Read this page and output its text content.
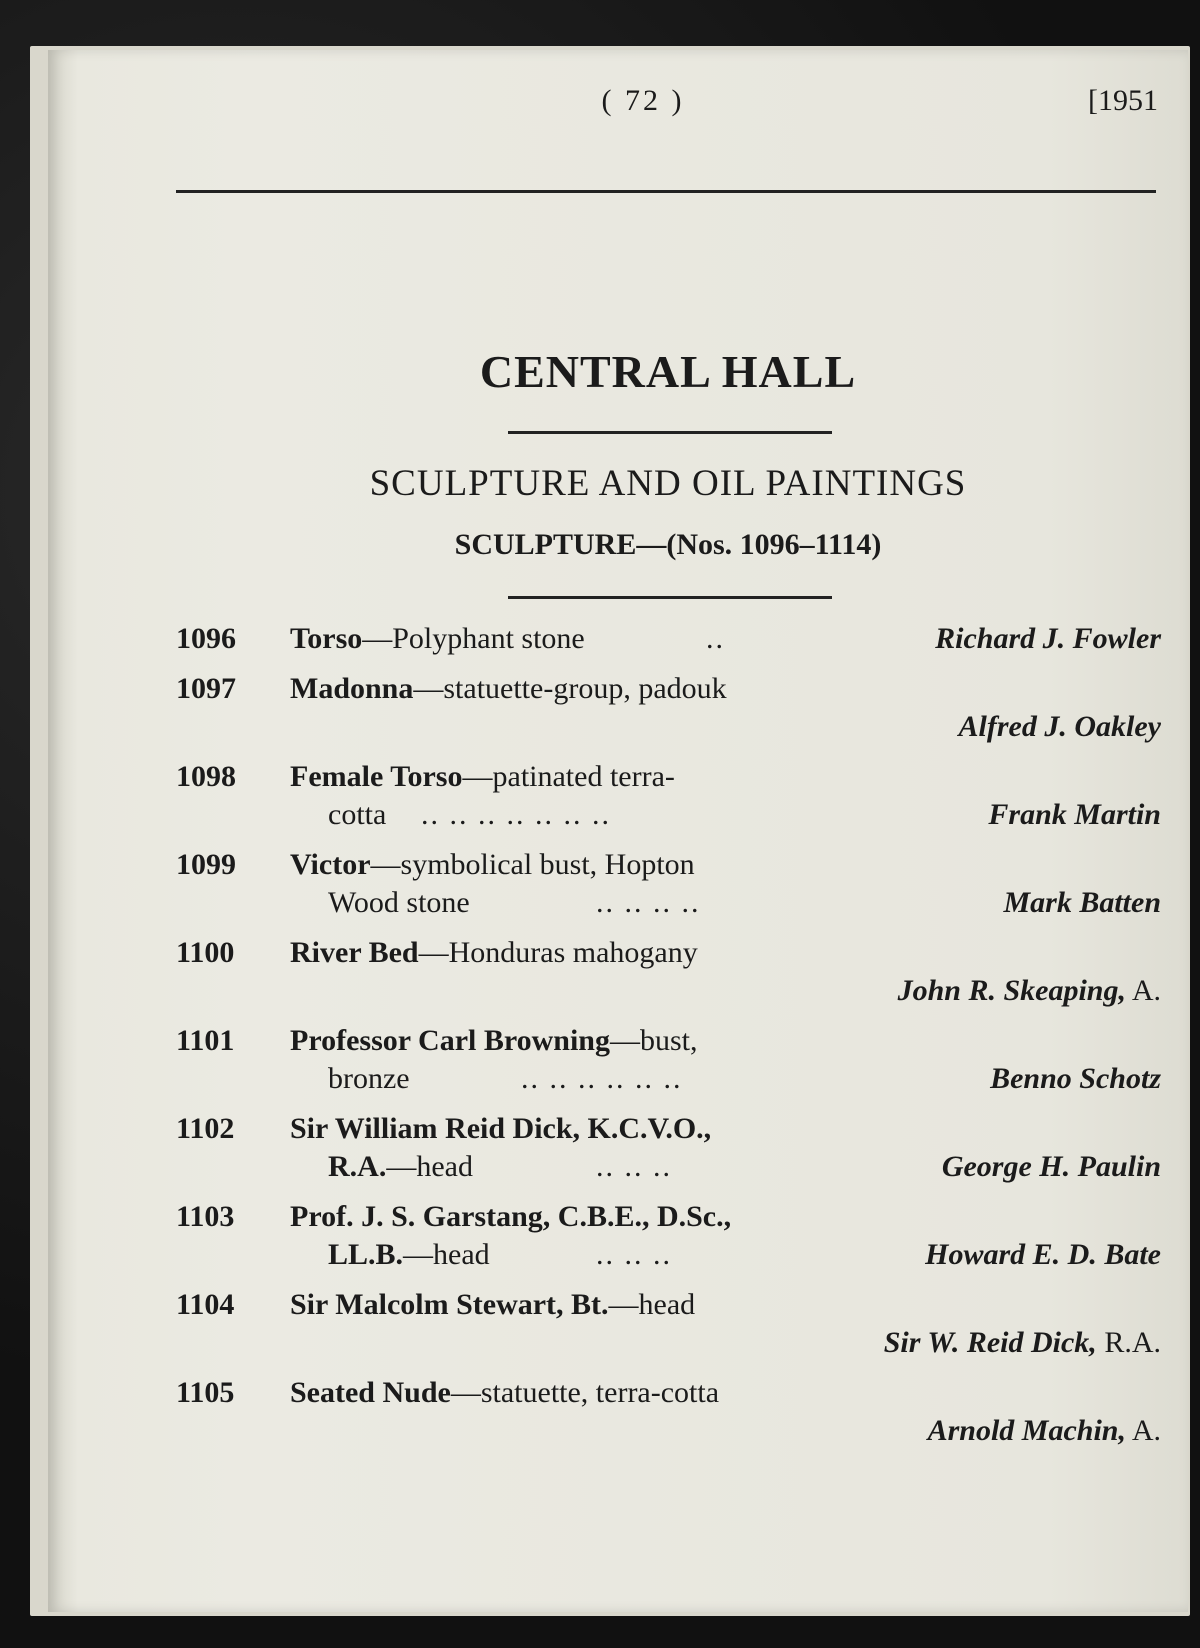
( 72 )	[1951
CENTRAL HALL
SCULPTURE AND OIL PAINTINGS
SCULPTURE—(Nos. 1096–1114)
1096 Torso—Polyphant stone	..	Richard J. Fowler
1097 Madonna—statuette-group, padouk
Alfred J. Oakley
1098 Female Torso—patinated terra-
cotta .. .. .. .. .. .. ..	Frank Martin
1099 Victor—symbolical bust, Hopton
Wood stone	.. .. .. ..	Mark Batten
1100 River Bed—Honduras mahogany
John R. Skeaping, A.
1101 Professor Carl Browning—bust,
bronze	.. .. .. .. .. ..	Benno Schotz
1102 Sir William Reid Dick, K.C.V.O.,
R.A.—head	.. .. ..	George H. Paulin
1103 Prof. J. S. Garstang, C.B.E., D.Sc.,
LL.B.—head	.. .. ..	Howard E. D. Bate
1104 Sir Malcolm Stewart, Bt.—head
Sir W. Reid Dick, R.A.
1105 Seated Nude—statuette, terra-cotta
Arnold Machin, A.
